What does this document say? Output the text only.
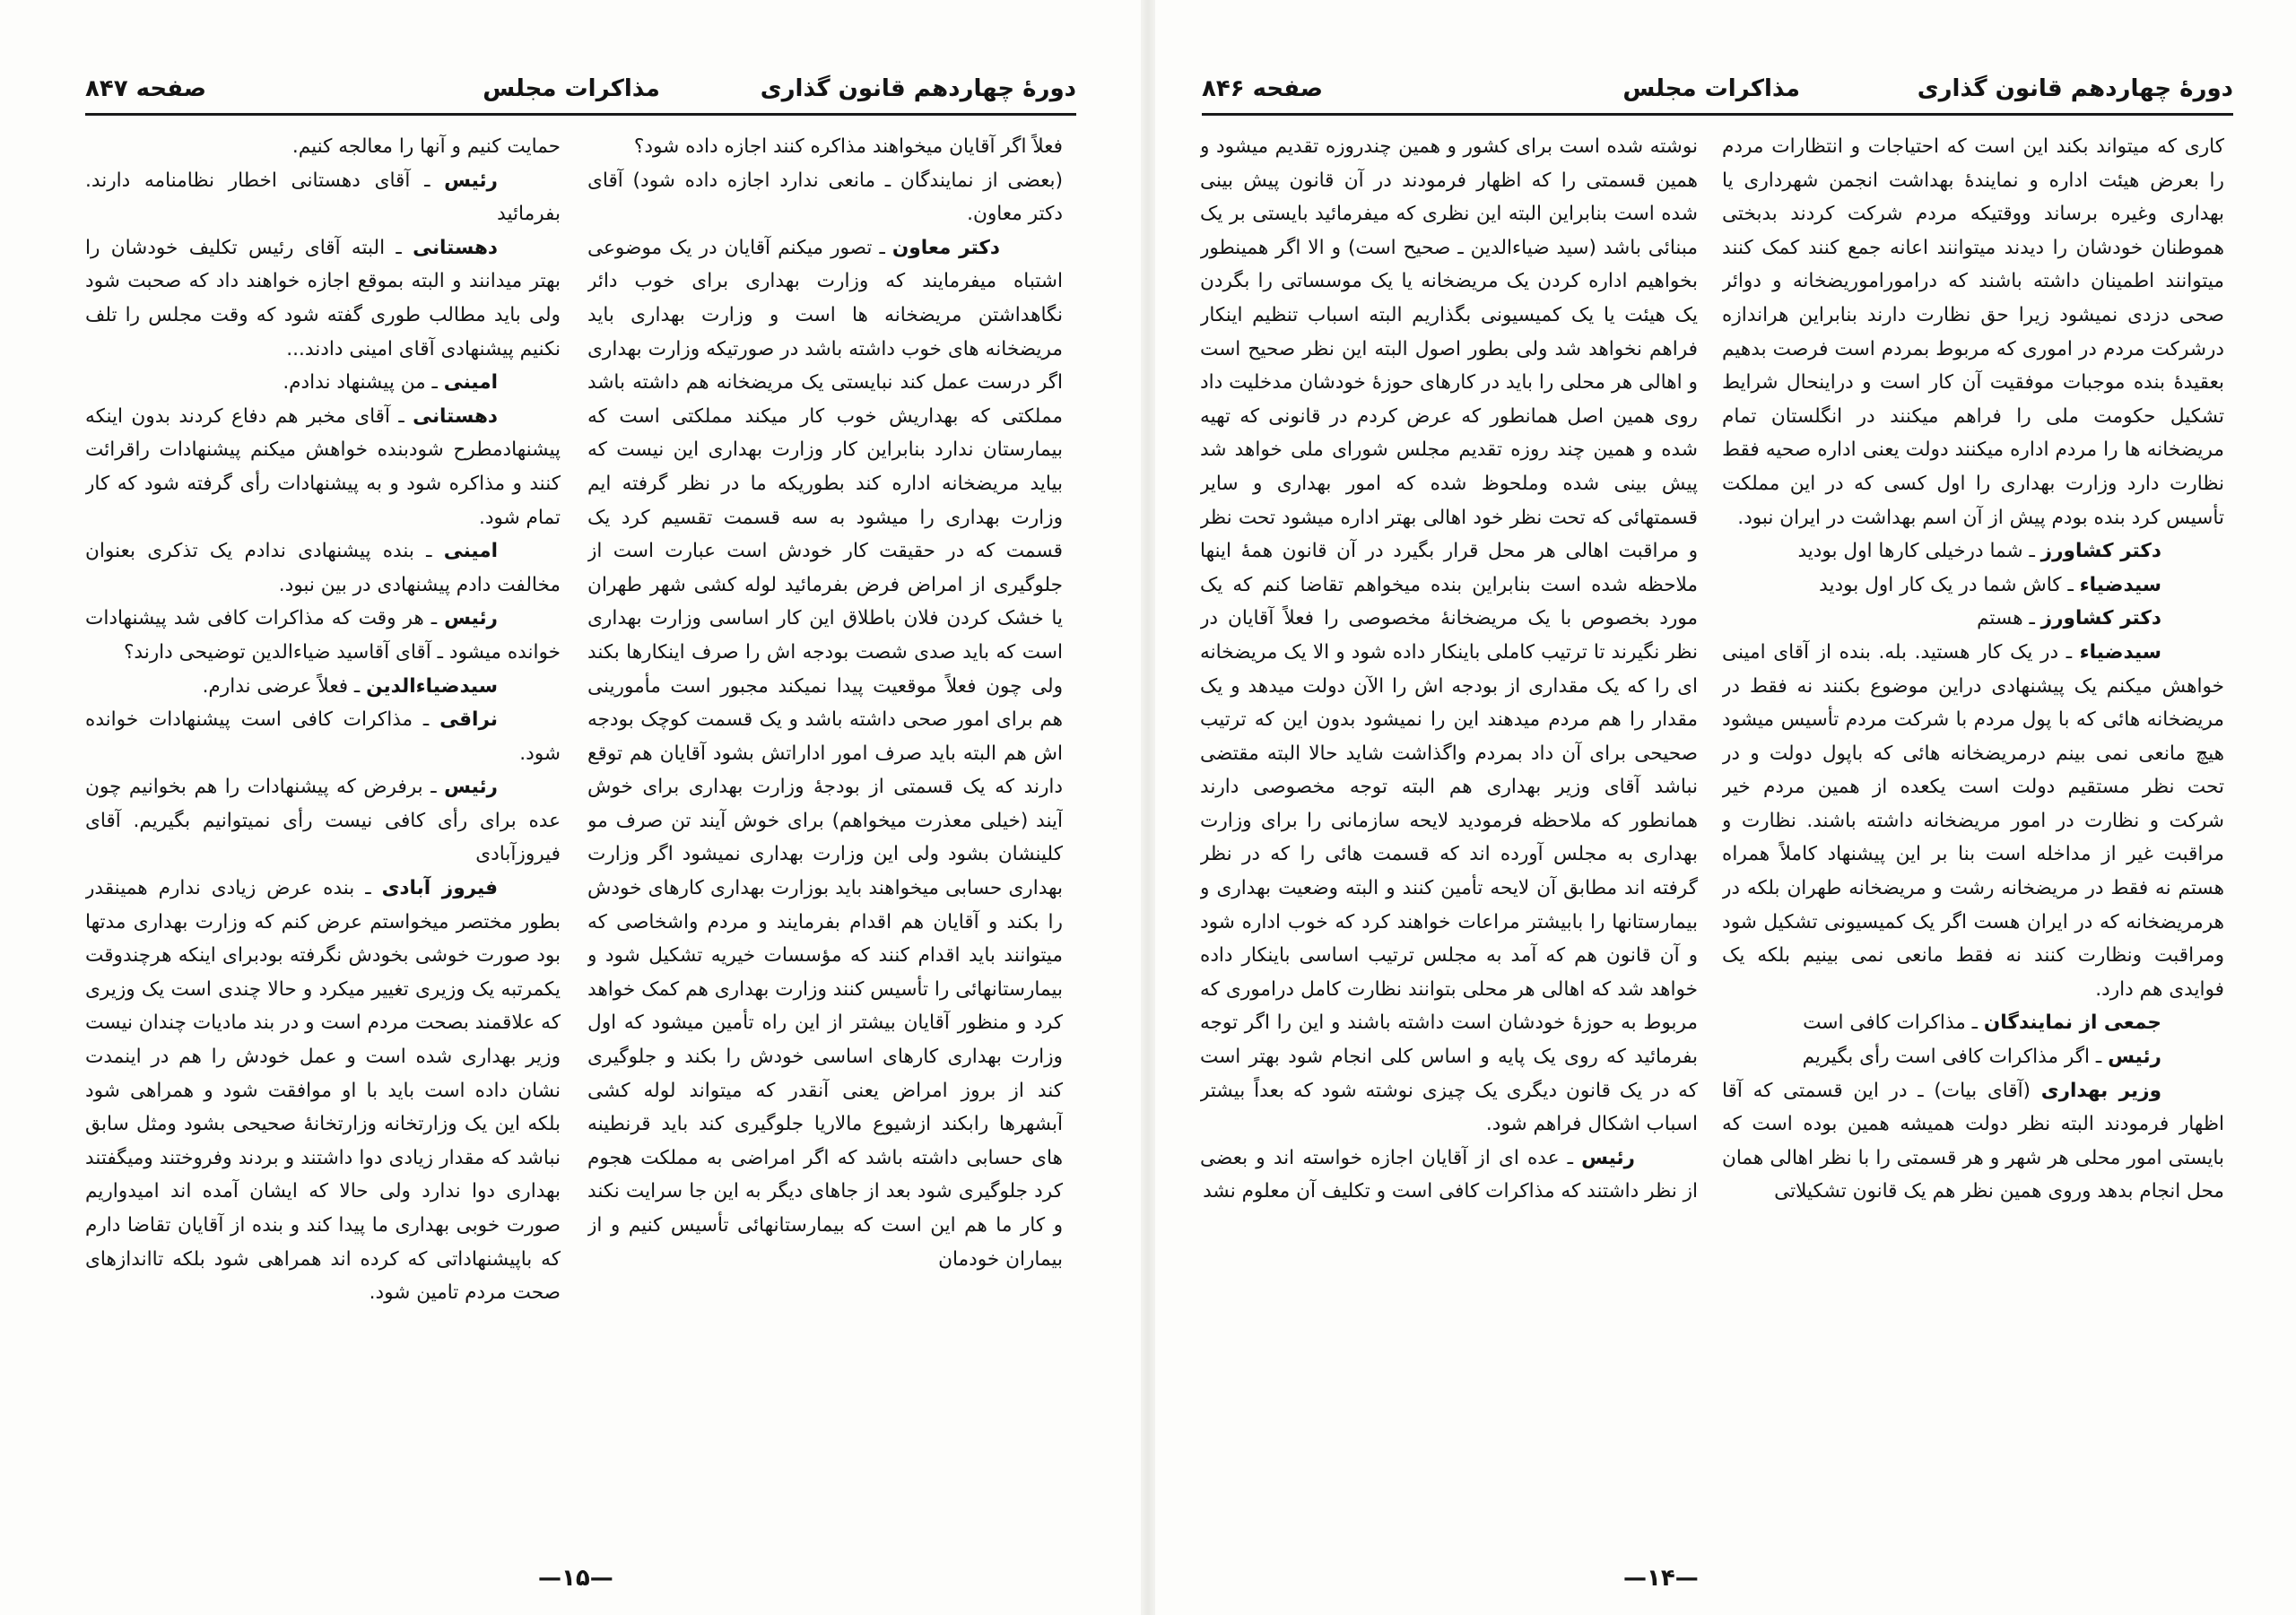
دورهٔ چهاردهم قانون گذاری
مذاکرات مجلس
صفحه ۸۴۷

فعلاً اگر آقایان میخواهند مذاکره کنند اجازه داده شود؟

(بعضی از نمایندگان ـ مانعی ندارد اجازه داده شود) آقای دکتر معاون.

دکتر معاون ـ تصور میکنم آقایان در یک موضوعی اشتباه میفرمایند که وزارت بهداری برای خوب دائر نگاهداشتن مریضخانه ها است و وزارت بهداری باید مریضخانه های خوب داشته باشد در صورتیکه وزارت بهداری اگر درست عمل کند نبایستی یک مریضخانه هم داشته باشد مملکتی که بهداریش خوب کار میکند مملکتی است که بیمارستان ندارد بنابراین کار وزارت بهداری این نیست که بیاید مریضخانه اداره کند بطوریکه ما در نظر گرفته ایم وزارت بهداری را میشود به سه قسمت تقسیم کرد یک قسمت که در حقیقت کار خودش است عبارت است از جلوگیری از امراض فرض بفرمائید لوله کشی شهر طهران یا خشک کردن فلان باطلاق این کار اساسی وزارت بهداری است که باید صدی شصت بودجه اش را صرف اینکارها بکند ولی چون فعلاً موقعیت پیدا نمیکند مجبور است مأمورینی هم برای امور صحی داشته باشد و یک قسمت کوچک بودجه اش هم البته باید صرف امور اداراتش بشود آقایان هم توقع دارند که یک قسمتی از بودجهٔ وزارت بهداری برای خوش آیند (خیلی معذرت میخواهم) برای خوش آیند تن صرف مو کلینشان بشود ولی این وزارت بهداری نمیشود اگر وزارت بهداری حسابی میخواهند باید بوزارت بهداری کارهای خودش را بکند و آقایان هم اقدام بفرمایند و مردم واشخاصی که میتوانند باید اقدام کنند که مؤسسات خیریه تشکیل شود و بیمارستانهائی را تأسیس کنند وزارت بهداری هم کمک خواهد کرد و منظور آقایان بیشتر از این راه تأمین میشود که اول وزارت بهداری کارهای اساسی خودش را بکند و جلوگیری کند از بروز امراض یعنی آنقدر که میتواند لوله کشی آبشهرها رابکند ازشیوع مالاریا جلوگیری کند باید قرنطینه های حسابی داشته باشد که اگر امراضی به مملکت هجوم کرد جلوگیری شود بعد از جاهای دیگر به این جا سرایت نکند و کار ما هم این است که بیمارستانهائی تأسیس کنیم و از بیماران خودمان

حمایت کنیم و آنها را معالجه کنیم.

رئیس ـ آقای دهستانی اخطار نظامنامه دارند. بفرمائید

دهستانی ـ البته آقای رئیس تکلیف خودشان را بهتر میدانند و البته بموقع اجازه خواهند داد که صحبت شود ولی باید مطالب طوری گفته شود که وقت مجلس را تلف نکنیم پیشنهادی آقای امینی دادند...

امینی ـ من پیشنهاد ندادم.

دهستانی ـ آقای مخبر هم دفاع کردند بدون اینکه پیشنهادمطرح شودبنده خواهش میکنم پیشنهادات راقرائت کنند و مذاکره شود و به پیشنهادات رأی گرفته شود که کار تمام شود.

امینی ـ بنده پیشنهادی ندادم یک تذکری بعنوان مخالفت دادم پیشنهادی در بین نبود.

رئیس ـ هر وقت که مذاکرات کافی شد پیشنهادات خوانده میشود ـ آقای آقاسید ضیاءالدین توضیحی دارند؟

سیدضیاءالدین ـ فعلاً عرضی ندارم.

نراقی ـ مذاکرات کافی است پیشنهادات خوانده شود.

رئیس ـ برفرض که پیشنهادات را هم بخوانیم چون عده برای رأی کافی نیست رأی نمیتوانیم بگیریم. آقای فیروزآبادی

فیروز آبادی ـ بنده عرض زیادی ندارم همینقدر بطور مختصر میخواستم عرض کنم که وزارت بهداری مدتها بود صورت خوشی بخودش نگرفته بودبرای اینکه هرچندوقت یکمرتبه یک وزیری تغییر میکرد و حالا چندی است یک وزیری که علاقمند بصحت مردم است و در بند مادیات چندان نیست وزیر بهداری شده است و عمل خودش را هم در اینمدت نشان داده است باید با او موافقت شود و همراهی شود بلکه این یک وزارتخانه وزارتخانهٔ صحیحی بشود ومثل سابق نباشد که مقدار زیادی دوا داشتند و بردند وفروختند ومیگفتند بهداری دوا ندارد ولی حالا که ایشان آمده اند امیدواریم صورت خوبی بهداری ما پیدا کند و بنده از آقایان تقاضا دارم که باپیشنهاداتی که کرده اند همراهی شود بلکه تااندازهای صحت مردم تامین شود.

—۱۵—
دورهٔ چهاردهم قانون گذاری
مذاکرات مجلس
صفحه ۸۴۶

کاری که میتواند بکند این است که احتیاجات و انتظارات مردم را بعرض هیئت اداره و نمایندهٔ بهداشت انجمن شهرداری یا بهداری وغیره برساند ووقتیکه مردم شرکت کردند بدبختی هموطنان خودشان را دیدند میتوانند اعانه جمع کنند کمک کنند میتوانند اطمینان داشته باشند که دراموراموریضخانه و دوائر صحی دزدی نمیشود زیرا حق نظارت دارند بنابراین هراندازه درشرکت مردم در اموری که مربوط بمردم است فرصت بدهیم بعقیدهٔ بنده موجبات موفقیت آن کار است و دراینحال شرایط تشکیل حکومت ملی را فراهم میکنند در انگلستان تمام مریضخانه ها را مردم اداره میکنند دولت یعنی اداره صحیه فقط نظارت دارد وزارت بهداری را اول کسی که در این مملکت تأسیس کرد بنده بودم پیش از آن اسم بهداشت در ایران نبود.

دکتر کشاورز ـ شما درخیلی کارها اول بودید

سیدضیاء ـ کاش شما در یک کار اول بودید

دکتر کشاورز ـ هستم

سیدضیاء ـ در یک کار هستید. بله. بنده از آقای امینی خواهش میکنم یک پیشنهادی دراین موضوع بکنند نه فقط در مریضخانه هائی که با پول مردم با شرکت مردم تأسیس میشود هیچ مانعی نمی بینم درمریضخانه هائی که باپول دولت و در تحت نظر مستقیم دولت است یکعده از همین مردم خیر شرکت و نظارت در امور مریضخانه داشته باشند. نظارت و مراقبت غیر از مداخله است بنا بر این پیشنهاد کاملاً همراه هستم نه فقط در مریضخانه رشت و مریضخانه طهران بلکه در هرمریضخانه که در ایران هست اگر یک کمیسیونی تشکیل شود ومراقبت ونظارت کنند نه فقط مانعی نمی بینیم بلکه یک فوایدی هم دارد.

جمعی از نمایندگان ـ مذاکرات کافی است

رئیس ـ اگر مذاکرات کافی است رأی بگیریم

وزیر بهداری (آقای بیات) ـ در این قسمتی که آقا اظهار فرمودند البته نظر دولت همیشه همین بوده است که بایستی امور محلی هر شهر و هر قسمتی را با نظر اهالی همان محل انجام بدهد وروی همین نظر هم یک قانون تشکیلاتی

نوشته شده است برای کشور و همین چندروزه تقدیم میشود و همین قسمتی را که اظهار فرمودند در آن قانون پیش بینی شده است بنابراین البته این نظری که میفرمائید بایستی بر یک مبنائی باشد (سید ضیاءالدین ـ صحیح است) و الا اگر همینطور بخواهیم اداره کردن یک مریضخانه یا یک موسساتی را بگردن یک هیئت یا یک کمیسیونی بگذاریم البته اسباب تنظیم اینکار فراهم نخواهد شد ولی بطور اصول البته این نظر صحیح است و اهالی هر محلی را باید در کارهای حوزهٔ خودشان مدخلیت داد روی همین اصل همانطور که عرض کردم در قانونی که تهیه شده و همین چند روزه تقدیم مجلس شورای ملی خواهد شد پیش بینی شده وملحوظ شده که امور بهداری و سایر قسمتهائی که تحت نظر خود اهالی بهتر اداره میشود تحت نظر و مراقبت اهالی هر محل قرار بگیرد در آن قانون همهٔ اینها ملاحظه شده است بنابراین بنده میخواهم تقاضا کنم که یک مورد بخصوص با یک مریضخانهٔ مخصوصی را فعلاً آقایان در نظر نگیرند تا ترتیب کاملی باینکار داده شود و الا یک مریضخانه ای را که یک مقداری از بودجه اش را الآن دولت میدهد و یک مقدار را هم مردم میدهند این را نمیشود بدون این که ترتیب صحیحی برای آن داد بمردم واگذاشت شاید حالا البته مقتضی نباشد آقای وزیر بهداری هم البته توجه مخصوصی دارند همانطور که ملاحظه فرمودید لایحه سازمانی را برای وزارت بهداری به مجلس آورده اند که قسمت هائی را که در نظر گرفته اند مطابق آن لایحه تأمین کنند و البته وضعیت بهداری و بیمارستانها را بابیشتر مراعات خواهند کرد که خوب اداره شود و آن قانون هم که آمد به مجلس ترتیب اساسی باینکار داده خواهد شد که اهالی هر محلی بتوانند نظارت کامل دراموری که مربوط به حوزهٔ خودشان است داشته باشند و این را اگر توجه بفرمائید که روی یک پایه و اساس کلی انجام شود بهتر است که در یک قانون دیگری یک چیزی نوشته شود که بعداً بیشتر اسباب اشکال فراهم شود.

رئیس ـ عده ای از آقایان اجازه خواسته اند و بعضی از نظر داشتند که مذاکرات کافی است و تکلیف آن معلوم نشد

—۱۴—
